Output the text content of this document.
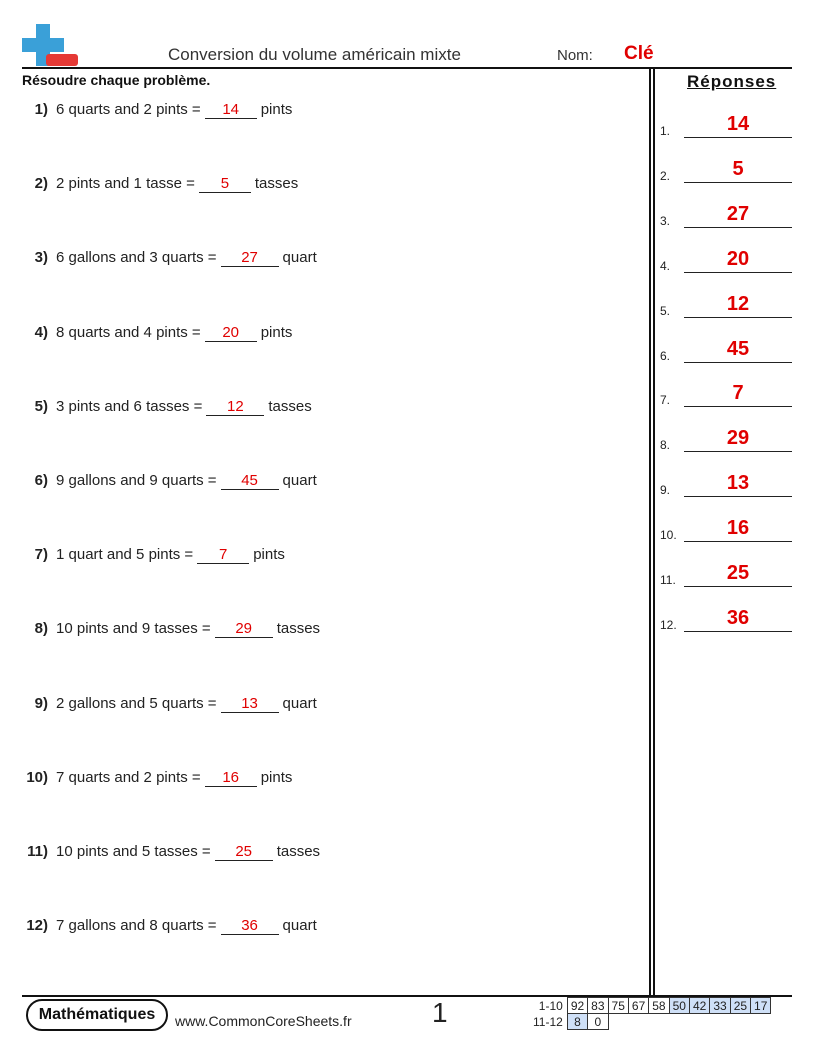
Conversion du volume américain mixte	Nom: Clé
Résoudre chaque problème.	Réponses
1) 6 quarts and 2 pints = 14 pints
2) 2 pints and 1 tasse = 5 tasses
3) 6 gallons and 3 quarts = 27 quart
4) 8 quarts and 4 pints = 20 pints
5) 3 pints and 6 tasses = 12 tasses
6) 9 gallons and 9 quarts = 45 quart
7) 1 quart and 5 pints = 7 pints
8) 10 pints and 9 tasses = 29 tasses
9) 2 gallons and 5 quarts = 13 quart
10) 7 quarts and 2 pints = 16 pints
11) 10 pints and 5 tasses = 25 tasses
12) 7 gallons and 8 quarts = 36 quart
1.	14
2.	5
3.	27
4.	20
5.	12
6.	45
7.	7
8.	29
9.	13
10.	16
11.	25
12.	36
Mathématiques	www.CommonCoreSheets.fr	1	1-10	92	83	75	67	58	50	42	33	25	17
11-12	8	0								
